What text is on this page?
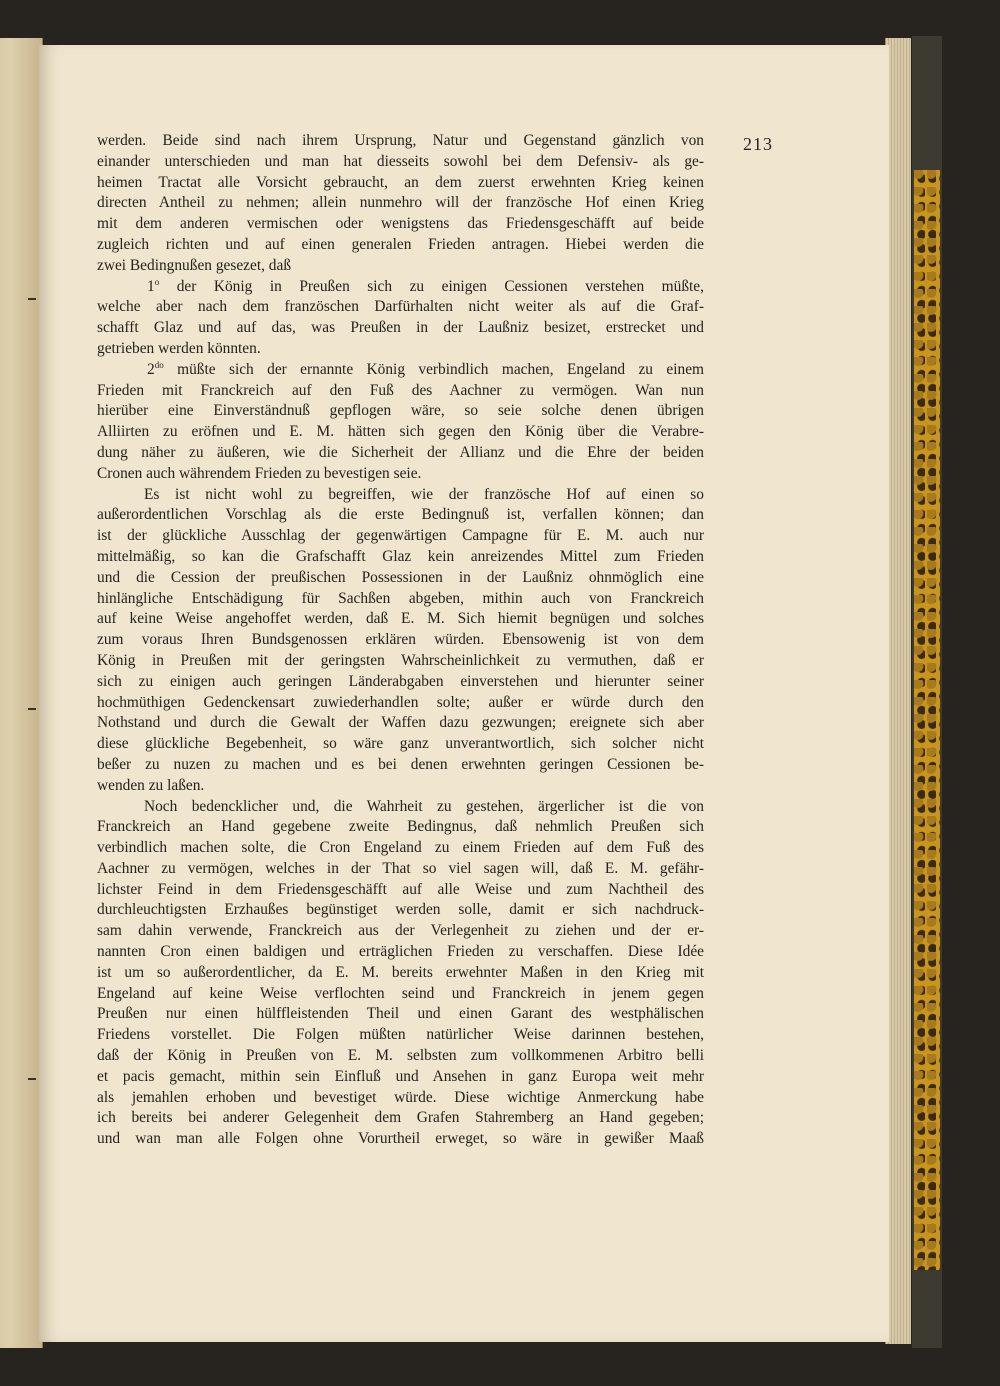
213
werden. Beide sind nach ihrem Ursprung, Natur und Gegenstand gänzlich von
einander unterschieden und man hat diesseits sowohl bei dem Defensiv- als ge-
heimen Tractat alle Vorsicht gebraucht, an dem zuerst erwehnten Krieg keinen
directen Antheil zu nehmen; allein nunmehro will der französche Hof einen Krieg
mit dem anderen vermischen oder wenigstens das Friedensgeschäfft auf beide
zugleich richten und auf einen generalen Frieden antragen. Hiebei werden die
zwei Bedingnußen gesezet, daß
1$^o$ der König in Preußen sich zu einigen Cessionen verstehen müßte,
welche aber nach dem französchen Darfürhalten nicht weiter als auf die Graf-
schafft Glaz und auf das, was Preußen in der Laußniz besizet, erstrecket und
getrieben werden könnten.
$2^{do}$ müßte sich der ernannte König verbindlich machen, Engeland zu einem
Frieden mit Franckreich auf den Fuß des Aachner zu vermögen. Wan nun
hierüber eine Einverständnuß gepflogen wäre, so seie solche denen übrigen
Alliirten zu eröfnen und E. M. hätten sich gegen den König über die Verabre-
dung näher zu äußeren, wie die Sicherheit der Allianz und die Ehre der beiden
Cronen auch währendem Frieden zu bevestigen seie.
Es ist nicht wohl zu begreiffen, wie der französche Hof auf einen so
außerordentlichen Vorschlag als die erste Bedingnuß ist, verfallen können; dan
ist der glückliche Ausschlag der gegenwärtigen Campagne für E. M. auch nur
mittelmäßig, so kan die Grafschafft Glaz kein anreizendes Mittel zum Frieden
und die Cession der preußischen Possessionen in der Laußniz ohnmöglich eine
hinlängliche Entschädigung für Sachßen abgeben, mithin auch von Franckreich
auf keine Weise angehoffet werden, daß E. M. Sich hiemit begnügen und solches
zum voraus Ihren Bundsgenossen erklären würden. Ebensowenig ist von dem
König in Preußen mit der geringsten Wahrscheinlichkeit zu vermuthen, daß er
sich zu einigen auch geringen Länderabgaben einverstehen und hierunter seiner
hochmüthigen Gedenckensart zuwiederhandlen solte; außer er würde durch den
Nothstand und durch die Gewalt der Waffen dazu gezwungen; ereignete sich aber
diese glückliche Begebenheit, so wäre ganz unverantwortlich, sich solcher nicht
beßer zu nuzen zu machen und es bei denen erwehnten geringen Cessionen be-
wenden zu laßen.
Noch bedencklicher und, die Wahrheit zu gestehen, ärgerlicher ist die von
Franckreich an Hand gegebene zweite Bedingnus, daß nehmlich Preußen sich
verbindlich machen solte, die Cron Engeland zu einem Frieden auf dem Fuß des
Aachner zu vermögen, welches in der That so viel sagen will, daß E. M. gefähr-
lichster Feind in dem Friedensgeschäfft auf alle Weise und zum Nachtheil des
durchleuchtigsten Erzhaußes begünstiget werden solle, damit er sich nachdruck-
sam dahin verwende, Franckreich aus der Verlegenheit zu ziehen und der er-
nannten Cron einen baldigen und erträglichen Frieden zu verschaffen. Diese Idée
ist um so außerordentlicher, da E. M. bereits erwehnter Maßen in den Krieg mit
Engeland auf keine Weise verflochten seind und Franckreich in jenem gegen
Preußen nur einen hülffleistenden Theil und einen Garant des westphälischen
Friedens vorstellet. Die Folgen müßten natürlicher Weise darinnen bestehen,
daß der König in Preußen von E. M. selbsten zum vollkommenen Arbitro belli
et pacis gemacht, mithin sein Einfluß und Ansehen in ganz Europa weit mehr
als jemahlen erhoben und bevestiget würde. Diese wichtige Anmerckung habe
ich bereits bei anderer Gelegenheit dem Grafen Stahremberg an Hand gegeben;
und wan man alle Folgen ohne Vorurtheil erweget, so wäre in gewißer Maaß
